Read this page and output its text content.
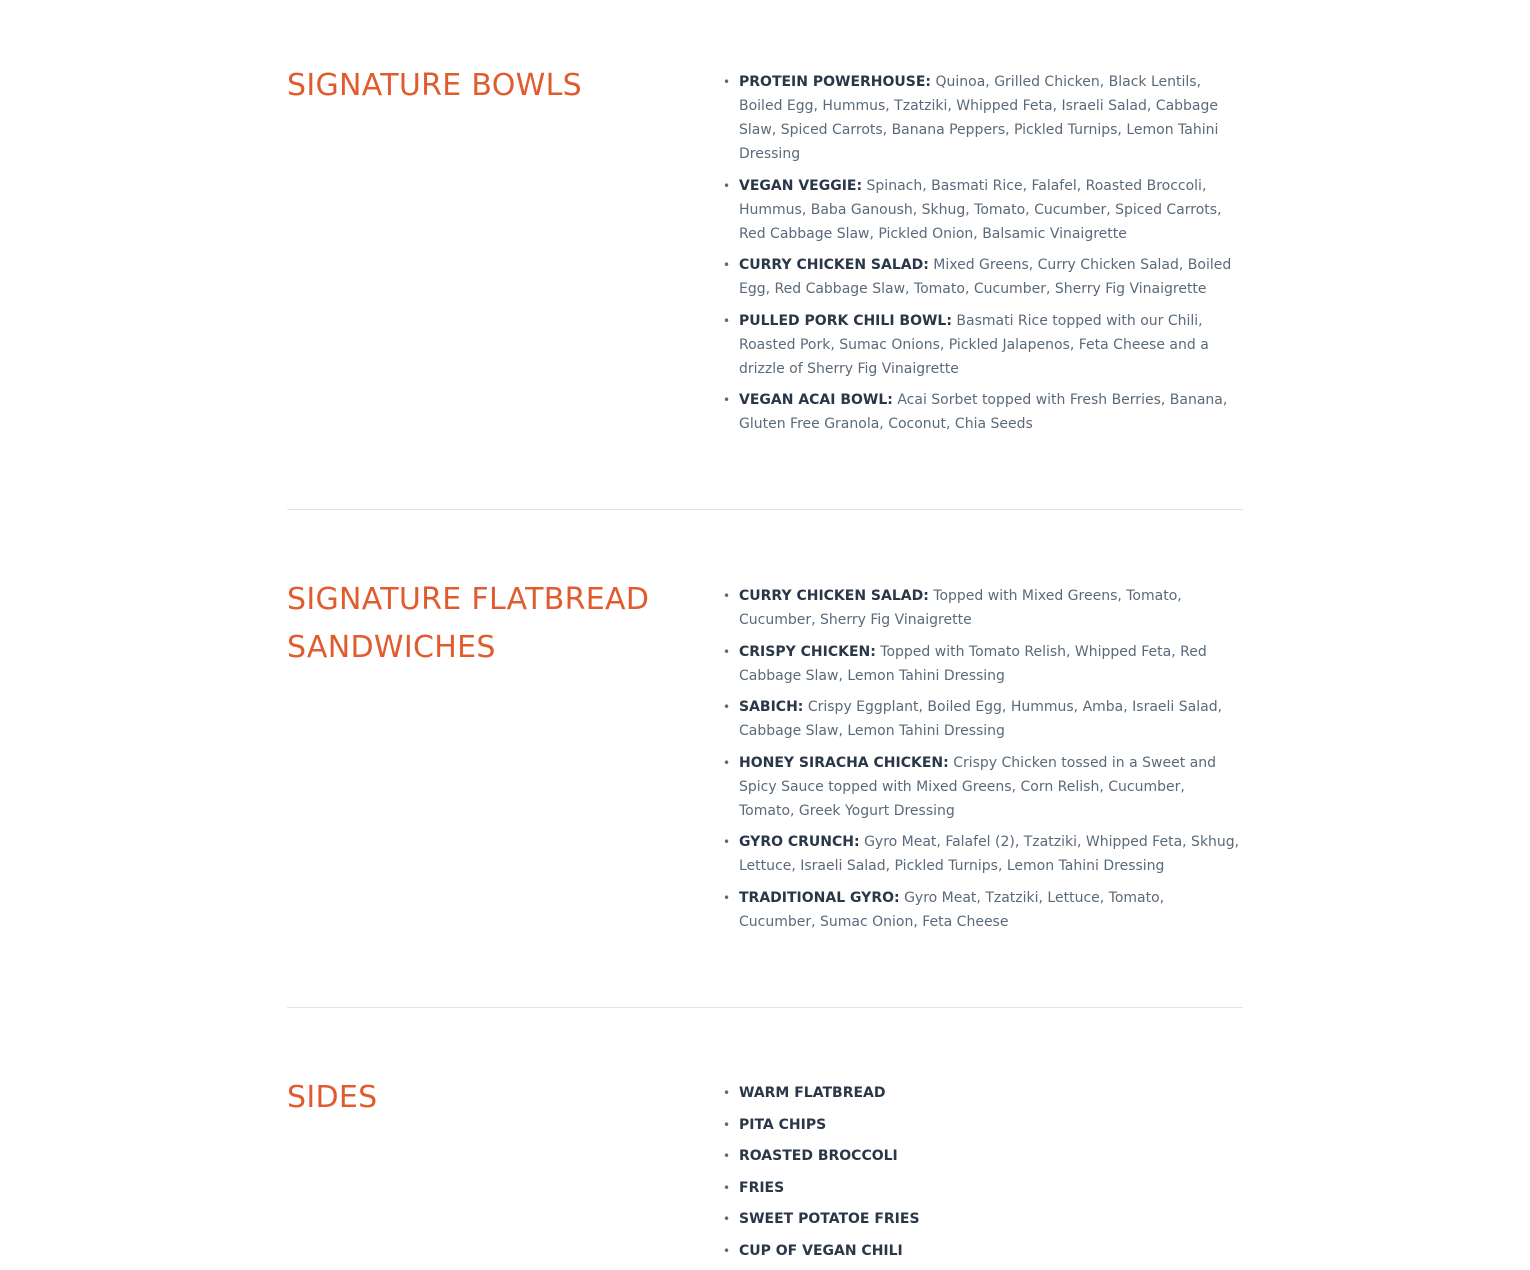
SIGNATURE BOWLS	• PROTEIN POWERHOUSE: Quinoa, Grilled Chicken, Black Lentils, Boiled Egg, Hummus, Tzatziki, Whipped Feta, Israeli Salad, Cabbage Slaw, Spiced Carrots, Banana Peppers, Pickled Turnips, Lemon Tahini Dressing
• VEGAN VEGGIE: Spinach, Basmati Rice, Falafel, Roasted Broccoli, Hummus, Baba Ganoush, Skhug, Tomato, Cucumber, Spiced Carrots, Red Cabbage Slaw, Pickled Onion, Balsamic Vinaigrette
• CURRY CHICKEN SALAD: Mixed Greens, Curry Chicken Salad, Boiled Egg, Red Cabbage Slaw, Tomato, Cucumber, Sherry Fig Vinaigrette
• PULLED PORK CHILI BOWL: Basmati Rice topped with our Chili, Roasted Pork, Sumac Onions, Pickled Jalapenos, Feta Cheese and a drizzle of Sherry Fig Vinaigrette
• VEGAN ACAI BOWL: Acai Sorbet topped with Fresh Berries, Banana, Gluten Free Granola, Coconut, Chia Seeds
SIGNATURE FLATBREAD SANDWICHES
• CURRY CHICKEN SALAD: Topped with Mixed Greens, Tomato, Cucumber, Sherry Fig Vinaigrette
• CRISPY CHICKEN: Topped with Tomato Relish, Whipped Feta, Red Cabbage Slaw, Lemon Tahini Dressing
• SABICH: Crispy Eggplant, Boiled Egg, Hummus, Amba, Israeli Salad, Cabbage Slaw, Lemon Tahini Dressing
• HONEY SIRACHA CHICKEN: Crispy Chicken tossed in a Sweet and Spicy Sauce topped with Mixed Greens, Corn Relish, Cucumber, Tomato, Greek Yogurt Dressing
• GYRO CRUNCH: Gyro Meat, Falafel (2), Tzatziki, Whipped Feta, Skhug, Lettuce, Israeli Salad, Pickled Turnips, Lemon Tahini Dressing
• TRADITIONAL GYRO: Gyro Meat, Tzatziki, Lettuce, Tomato, Cucumber, Sumac Onion, Feta Cheese
SIDES	• WARM FLATBREAD
• PITA CHIPS
• ROASTED BROCCOLI
• FRIES
• SWEET POTATOE FRIES
• CUP OF VEGAN CHILI
